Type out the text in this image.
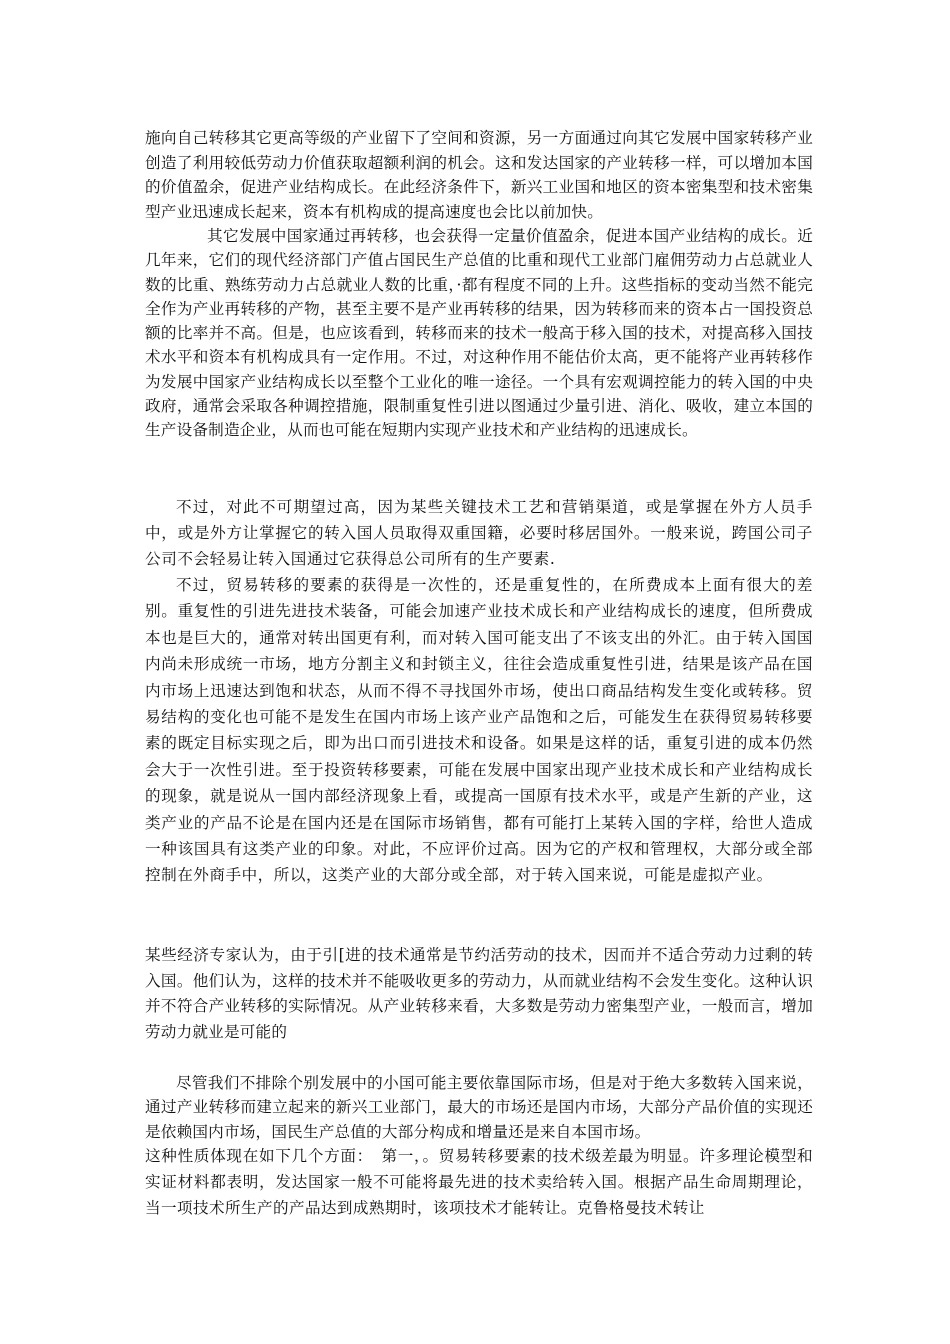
施向自己转移其它更高等级的产业留下了空间和资源，另一方面通过向其它发展中国家转移产业创造了利用较低劳动力价值获取超额利润的机会。这和发达国家的产业转移一样，可以增加本国的价值盈余，促进产业结构成长。在此经济条件下，新兴工业国和地区的资本密集型和技术密集型产业迅速成长起来，资本有机构成的提高速度也会比以前加快。

其它发展中国家通过再转移，也会获得一定量价值盈余，促进本国产业结构的成长。近几年来，它们的现代经济部门产值占国民生产总值的比重和现代工业部门雇佣劳动力占总就业人数的比重、熟练劳动力占总就业人数的比重，·都有程度不同的上升。这些指标的变动当然不能完全作为产业再转移的产物，甚至主要不是产业再转移的结果，因为转移而来的资本占一国投资总额的比率并不高。但是，也应该看到，转移而来的技术一般高于移入国的技术，对提高移入国技术水平和资本有机构成具有一定作用。不过，对这种作用不能估价太高，更不能将产业再转移作为发展中国家产业结构成长以至整个工业化的唯一途径。一个具有宏观调控能力的转入国的中央政府，通常会采取各种调控措施，限制重复性引进以图通过少量引进、消化、吸收，建立本国的生产设备制造企业，从而也可能在短期内实现产业技术和产业结构的迅速成长。

不过，对此不可期望过高，因为某些关键技术工艺和营销渠道，或是掌握在外方人员手中，或是外方让掌握它的转入国人员取得双重国籍，必要时移居国外。一般来说，跨国公司子公司不会轻易让转入国通过它获得总公司所有的生产要素.

不过，贸易转移的要素的获得是一次性的，还是重复性的，在所费成本上面有很大的差别。重复性的引进先进技术装备，可能会加速产业技术成长和产业结构成长的速度，但所费成本也是巨大的，通常对转出国更有利，而对转入国可能支出了不该支出的外汇。由于转入国国内尚未形成统一市场，地方分割主义和封锁主义，往往会造成重复性引进，结果是该产品在国内市场上迅速达到饱和状态，从而不得不寻找国外市场，使出口商品结构发生变化或转移。贸易结构的变化也可能不是发生在国内市场上该产业产品饱和之后，可能发生在获得贸易转移要素的既定目标实现之后，即为出口而引进技术和设备。如果是这样的话，重复引进的成本仍然会大于一次性引进。至于投资转移要素，可能在发展中国家出现产业技术成长和产业结构成长的现象，就是说从一国内部经济现象上看，或提高一国原有技术水平，或是产生新的产业，这类产业的产品不论是在国内还是在国际市场销售，都有可能打上某转入国的字样，给世人造成一种该国具有这类产业的印象。对此，不应评价过高。因为它的产权和管理权，大部分或全部控制在外商手中，所以，这类产业的大部分或全部，对于转入国来说，可能是虚拟产业。

某些经济专家认为，由于引[进的技术通常是节约活劳动的技术，因而并不适合劳动力过剩的转入国。他们认为，这样的技术并不能吸收更多的劳动力，从而就业结构不会发生变化。这种认识并不符合产业转移的实际情况。从产业转移来看，大多数是劳动力密集型产业，一般而言，增加劳动力就业是可能的

尽管我们不排除个别发展中的小国可能主要依靠国际市场，但是对于绝大多数转入国来说，通过产业转移而建立起来的新兴工业部门，最大的市场还是国内市场，大部分产品价值的实现还是依赖国内市场，国民生产总值的大部分构成和增量还是来自本国市场。

这种性质体现在如下几个方面：　第一，。贸易转移要素的技术级差最为明显。许多理论模型和实证材料都表明，发达国家一般不可能将最先进的技术卖给转入国。根据产品生命周期理论，当一项技术所生产的产品达到成熟期时，该项技术才能转让。克鲁格曼技术转让
